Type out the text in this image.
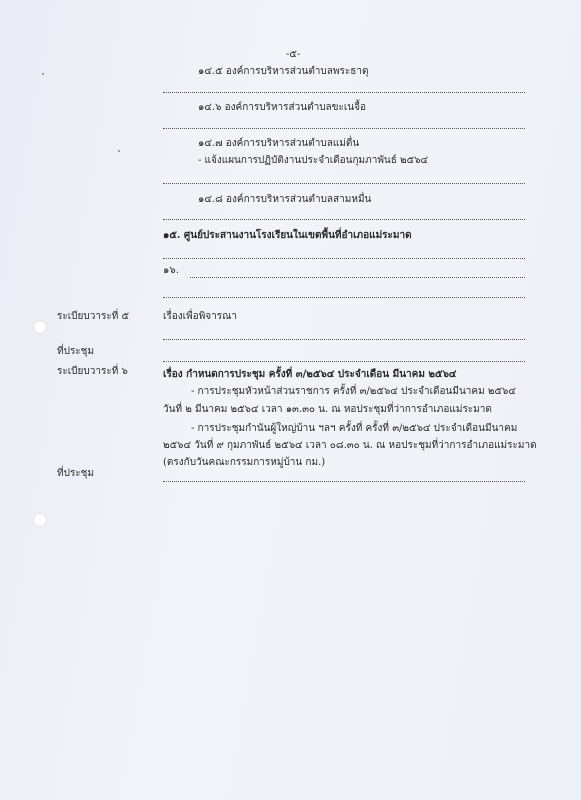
-๕-
๑๔.๕ องค์การบริหารส่วนตำบลพระธาตุ
๑๔.๖ องค์การบริหารส่วนตำบลขะเนจื้อ
๑๔.๗ องค์การบริหารส่วนตำบลแม่ตื่น
- แจ้งแผนการปฏิบัติงานประจำเดือนกุมภาพันธ์ ๒๕๖๔
๑๔.๘ องค์การบริหารส่วนตำบลสามหมื่น
๑๕. ศูนย์ประสานงานโรงเรียนในเขตพื้นที่อำเภอแม่ระมาด
๑๖.
ระเบียบวาระที่ ๕	เรื่องเพื่อพิจารณา
ที่ประชุม
ระเบียบวาระที่ ๖	เรื่อง กำหนดการประชุม ครั้งที่ ๓/๒๕๖๔ ประจำเดือน มีนาคม ๒๕๖๔
- การประชุมหัวหน้าส่วนราชการ ครั้งที่ ๓/๒๕๖๔ ประจำเดือนมีนาคม ๒๕๖๔
วันที่ ๒ มีนาคม ๒๕๖๔ เวลา ๑๓.๓๐ น. ณ หอประชุมที่ว่าการอำเภอแม่ระมาด
- การประชุมกำนันผู้ใหญ่บ้าน ฯลฯ ครั้งที่ ครั้งที่ ๓/๒๕๖๔ ประจำเดือนมีนาคม
๒๕๖๔ วันที่ ๙ กุมภาพันธ์ ๒๕๖๔ เวลา ๐๘.๓๐ น. ณ หอประชุมที่ว่าการอำเภอแม่ระมาด
(ตรงกับวันคณะกรรมการหมู่บ้าน กม.)
ที่ประชุม
